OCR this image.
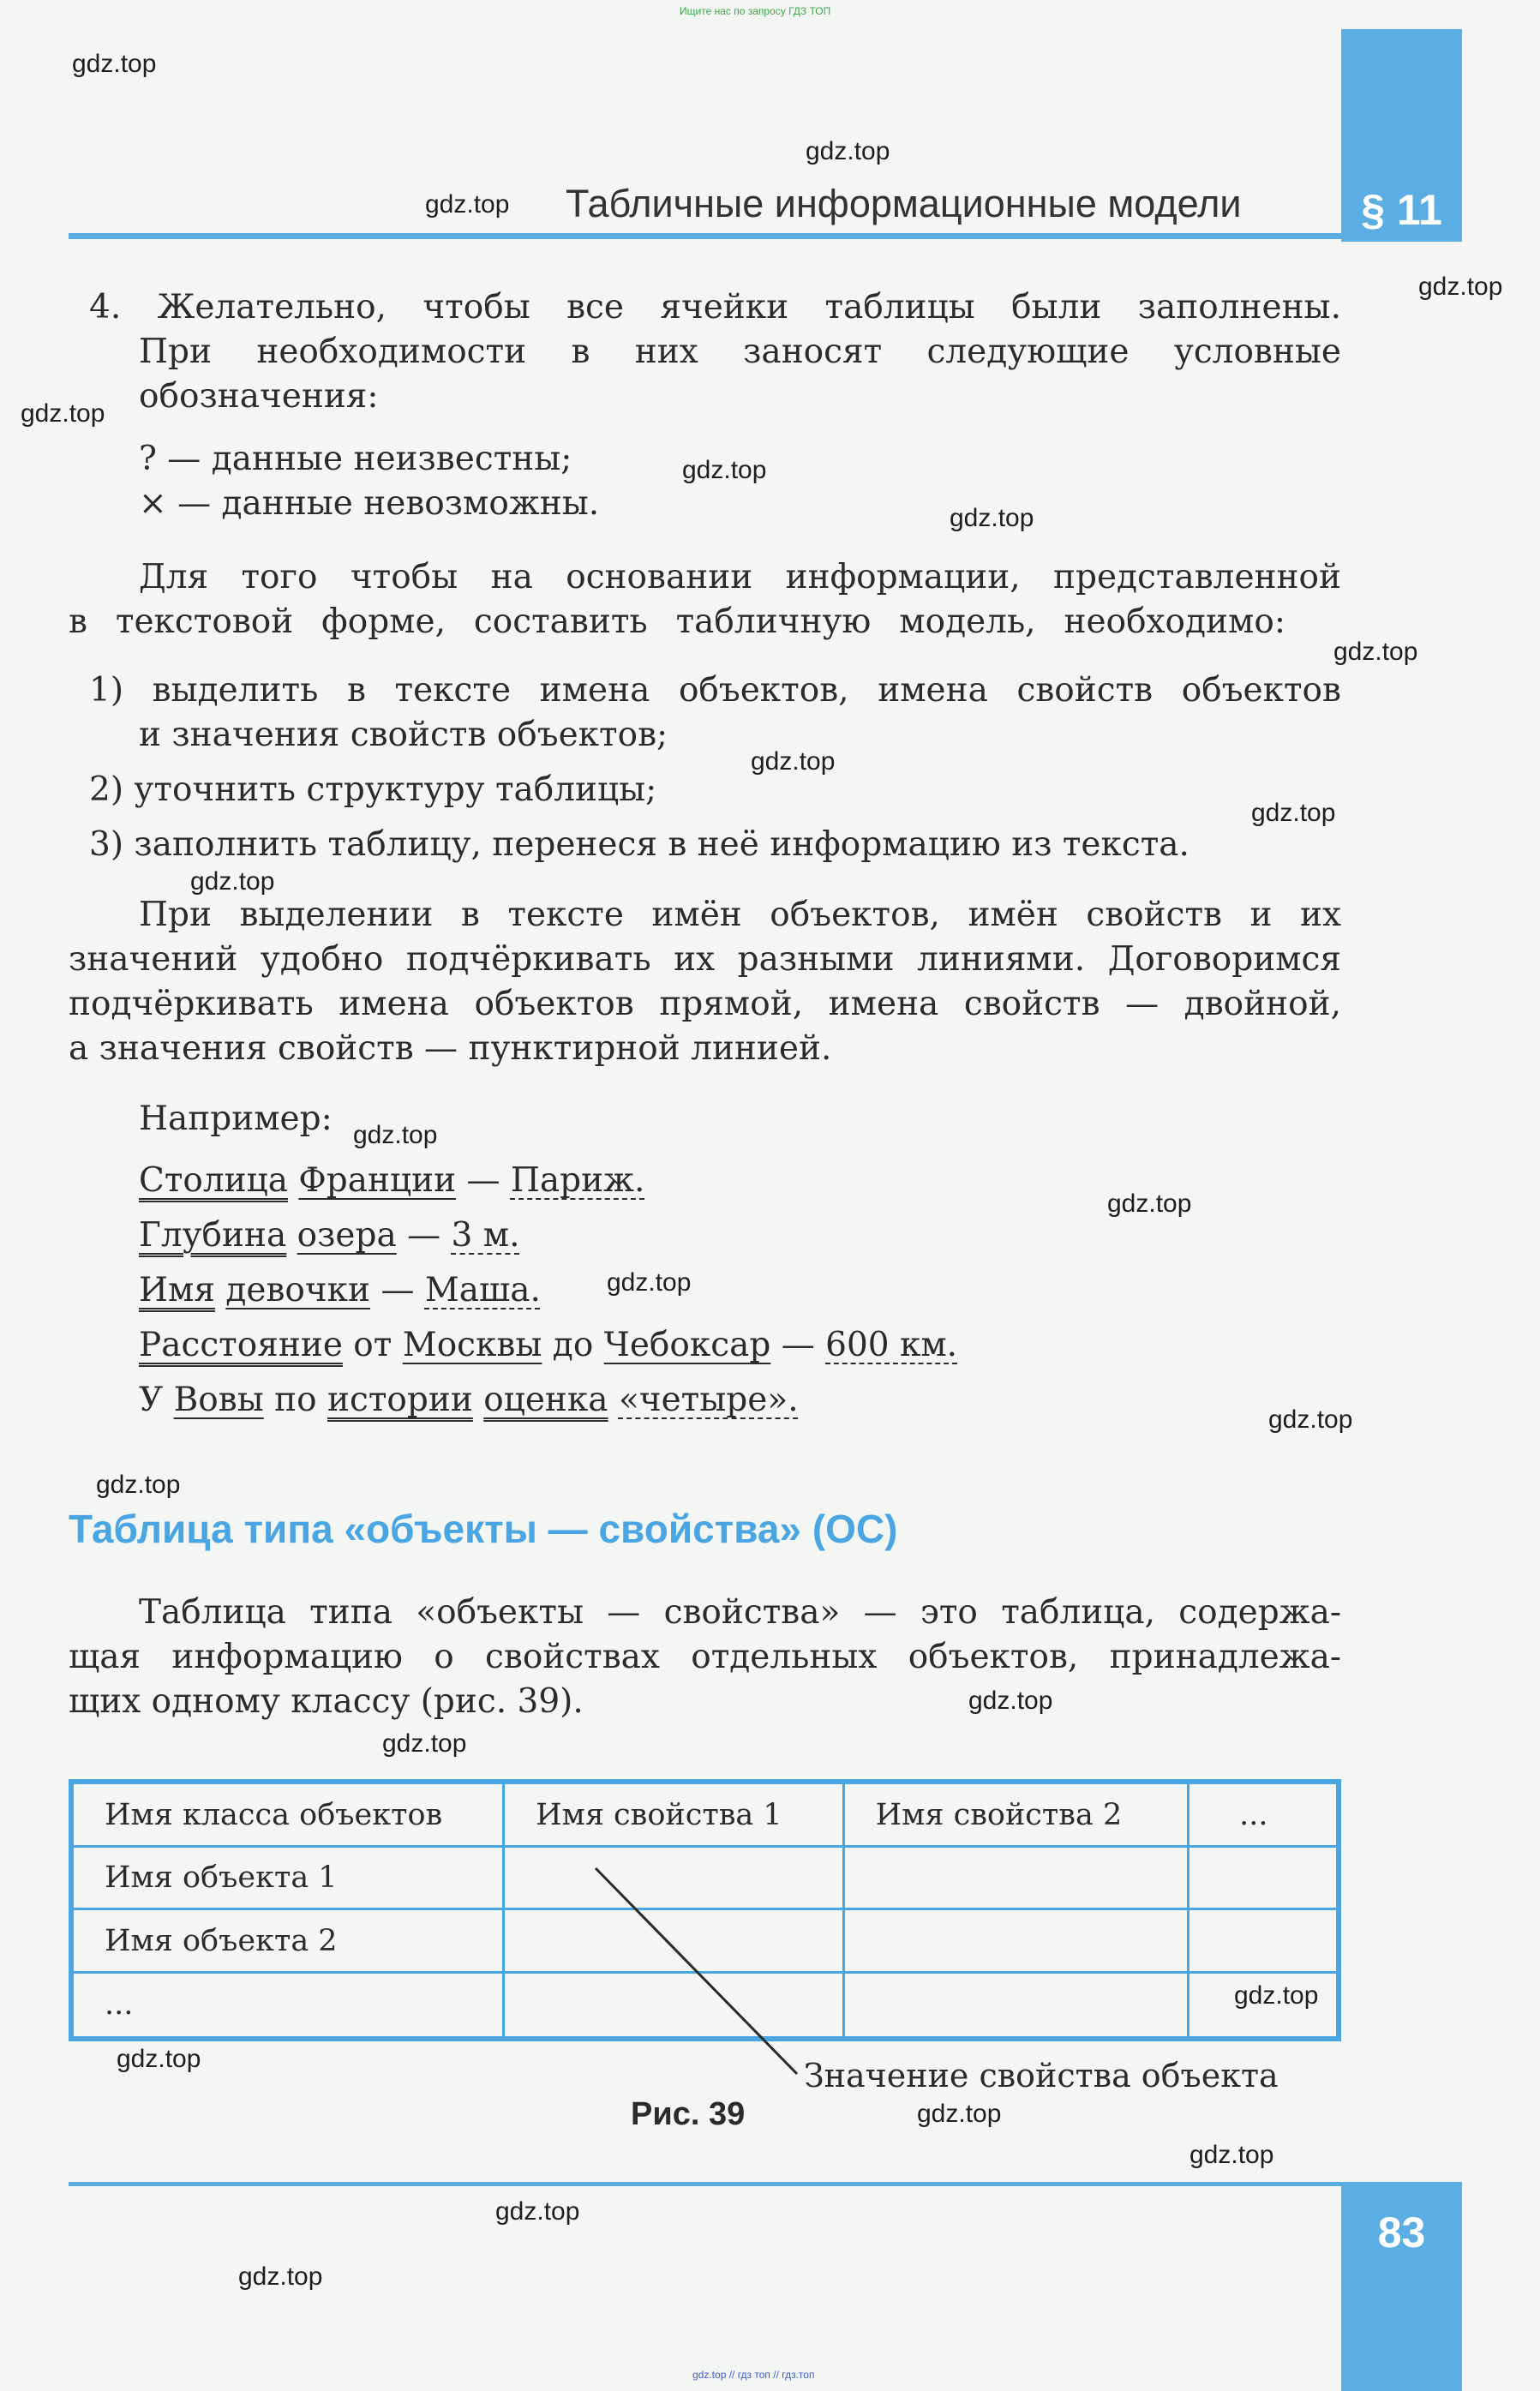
Ищите нас по запросу ГДЗ ТОП
gdz.top // гдз топ // гдз.топ
§ 11
83
Табличные информационные модели
4. Желательно, чтобы все ячейки таблицы были заполнены.
При необходимости в них заносят следующие условные
обозначения:
? — данные неизвестны;
× — данные невозможны.
Для того чтобы на основании информации, представленной
в текстовой форме, составить табличную модель, необходимо:
1) выделить в тексте имена объектов, имена свойств объектов
и значения свойств объектов;
2) уточнить структуру таблицы;
3) заполнить таблицу, перенеся в неё информацию из текста.
При выделении в тексте имён объектов, имён свойств и их
значений удобно подчёркивать их разными линиями. Договоримся
подчёркивать имена объектов прямой, имена свойств — двойной,
а значения свойств — пунктирной линией.
Например:
Столица Франции — Париж.
Глубина озера — 3 м.
Имя девочки — Маша.
Расстояние от Москвы до Чебоксар — 600 км.
У Вовы по истории оценка «четыре».
Таблица типа «объекты — свойства» (ОС)
Таблица типа «объекты — свойства» — это таблица, содержа-
щая информацию о свойствах отдельных объектов, принадлежа-
щих одному классу (рис. 39).
Имя класса объектов	Имя свойства 1	Имя свойства 2	...
Имя объекта 1			
Имя объекта 2			
...			
Значение свойства объекта
Рис. 39
gdz.top
gdz.top
gdz.top
gdz.top
gdz.top
gdz.top
gdz.top
gdz.top
gdz.top
gdz.top
gdz.top
gdz.top
gdz.top
gdz.top
gdz.top
gdz.top
gdz.top
gdz.top
gdz.top
gdz.top
gdz.top
gdz.top
gdz.top
gdz.top
